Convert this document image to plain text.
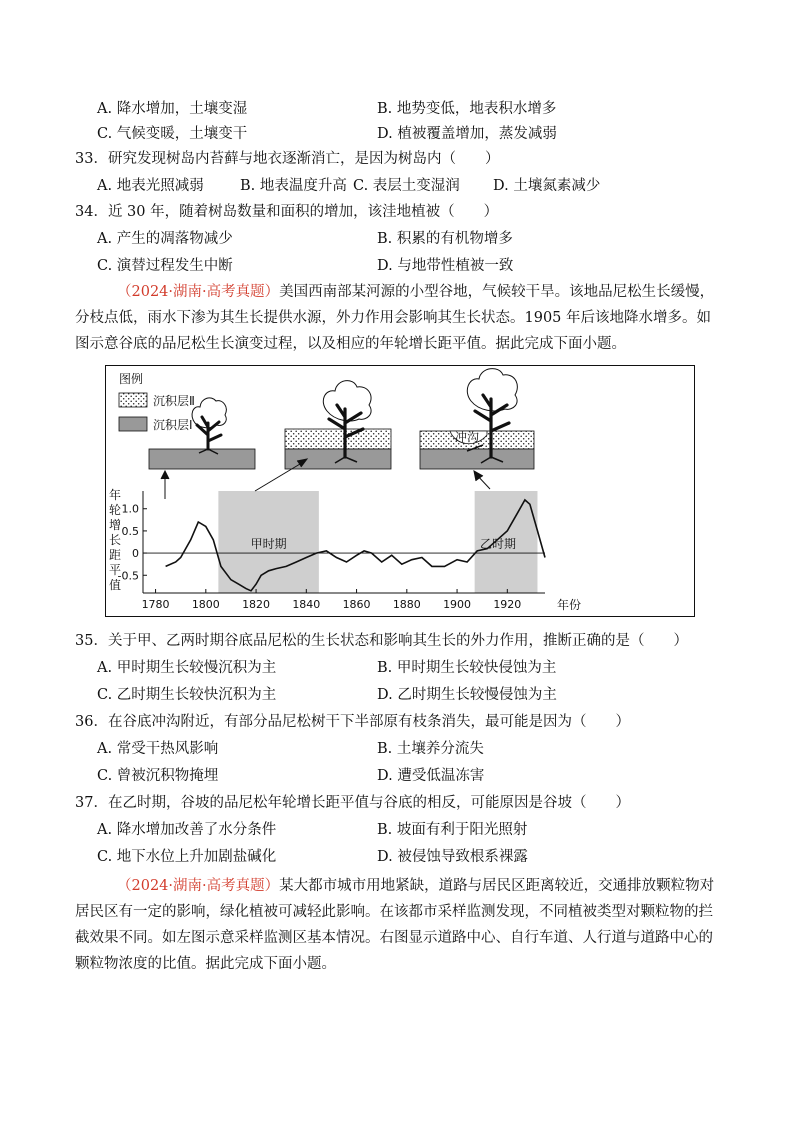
A. 降水增加，土壤变湿	B. 地势变低，地表积水增多
C. 气候变暖，土壤变干	D. 植被覆盖增加，蒸发减弱
33．研究发现树岛内苔藓与地衣逐渐消亡，是因为树岛内（　　）
A. 地表光照减弱	B. 地表温度升高 C. 表层土变湿润 D. 土壤氮素减少
34．近 30 年，随着树岛数量和面积的增加，该洼地植被（　　）
A. 产生的凋落物减少	B. 积累的有机物增多
C. 演替过程发生中断	D. 与地带性植被一致
（2024·湖南·高考真题）美国西南部某河源的小型谷地，气候较干旱。该地品尼松生长缓慢，分枝点低，雨水下渗为其生长提供水源，外力作用会影响其生长状态。1905 年后该地降水增多。如图示意谷底的品尼松生长演变过程，以及相应的年轮增长距平值。据此完成下面小题。
图例
沉积层Ⅱ
沉积层Ⅰ
冲沟
-0.5
0
0.5
1.0
1780 1800 1820 1840 1860 1880 1900 1920
年
轮
增
长
距
平
值
年份
甲时期	乙时期
35．关于甲、乙两时期谷底品尼松的生长状态和影响其生长的外力作用，推断正确的是（　　）
A. 甲时期生长较慢沉积为主	B. 甲时期生长较快侵蚀为主
C. 乙时期生长较快沉积为主	D. 乙时期生长较慢侵蚀为主
36．在谷底冲沟附近，有部分品尼松树干下半部原有枝条消失，最可能是因为（　　）
A. 常受干热风影响	B. 土壤养分流失
C. 曾被沉积物掩埋	D. 遭受低温冻害
37．在乙时期，谷坡的品尼松年轮增长距平值与谷底的相反，可能原因是谷坡（　　）
A. 降水增加改善了水分条件	B. 坡面有利于阳光照射
C. 地下水位上升加剧盐碱化	D. 被侵蚀导致根系裸露
（2024·湖南·高考真题）某大都市城市用地紧缺，道路与居民区距离较近，交通排放颗粒物对居民区有一定的影响，绿化植被可减轻此影响。在该都市采样监测发现，不同植被类型对颗粒物的拦截效果不同。如左图示意采样监测区基本情况。右图显示道路中心、自行车道、人行道与道路中心的颗粒物浓度的比值。据此完成下面小题。
